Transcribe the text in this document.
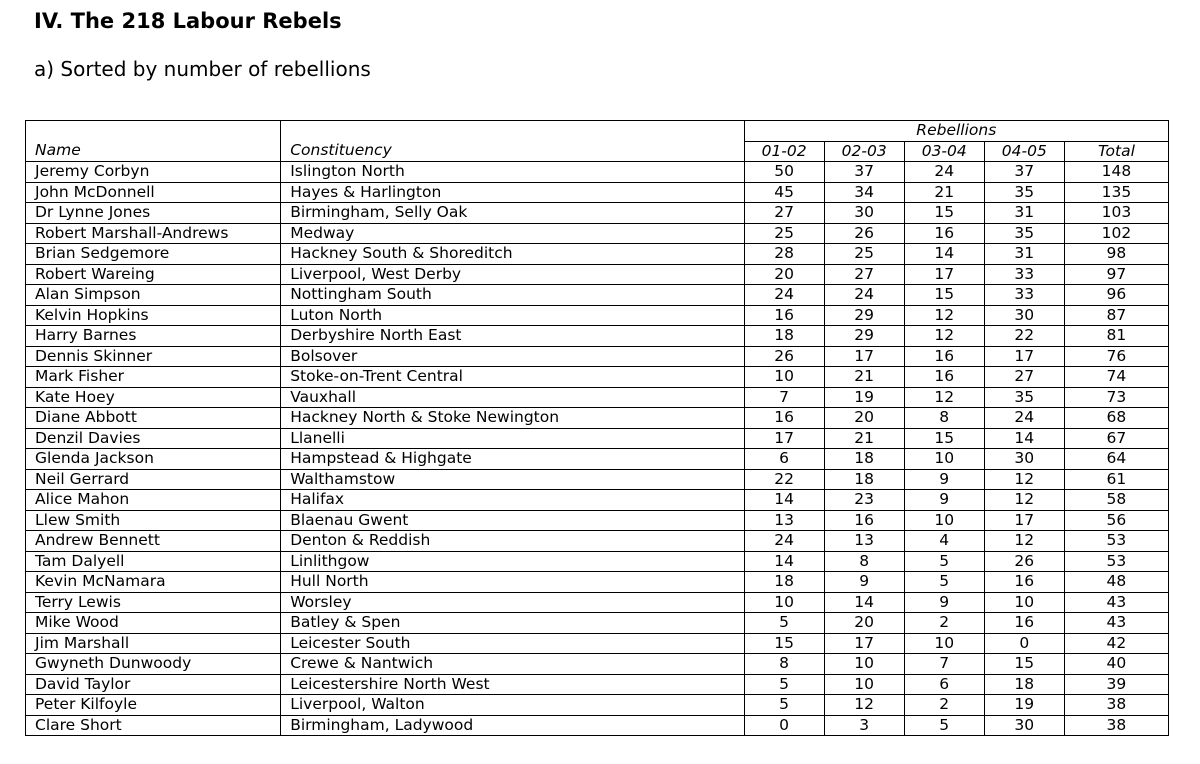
IV. The 218 Labour Rebels
a) Sorted by number of rebellions
		Rebellions				
Name	Constituency	01-02	02-03	03-04	04-05	Total
Jeremy Corbyn	Islington North	50	37	24	37	148
John McDonnell	Hayes & Harlington	45	34	21	35	135
Dr Lynne Jones	Birmingham, Selly Oak	27	30	15	31	103
Robert Marshall-Andrews	Medway	25	26	16	35	102
Brian Sedgemore	Hackney South & Shoreditch	28	25	14	31	98
Robert Wareing	Liverpool, West Derby	20	27	17	33	97
Alan Simpson	Nottingham South	24	24	15	33	96
Kelvin Hopkins	Luton North	16	29	12	30	87
Harry Barnes	Derbyshire North East	18	29	12	22	81
Dennis Skinner	Bolsover	26	17	16	17	76
Mark Fisher	Stoke-on-Trent Central	10	21	16	27	74
Kate Hoey	Vauxhall	7	19	12	35	73
Diane Abbott	Hackney North & Stoke Newington	16	20	8	24	68
Denzil Davies	Llanelli	17	21	15	14	67
Glenda Jackson	Hampstead & Highgate	6	18	10	30	64
Neil Gerrard	Walthamstow	22	18	9	12	61
Alice Mahon	Halifax	14	23	9	12	58
Llew Smith	Blaenau Gwent	13	16	10	17	56
Andrew Bennett	Denton & Reddish	24	13	4	12	53
Tam Dalyell	Linlithgow	14	8	5	26	53
Kevin McNamara	Hull North	18	9	5	16	48
Terry Lewis	Worsley	10	14	9	10	43
Mike Wood	Batley & Spen	5	20	2	16	43
Jim Marshall	Leicester South	15	17	10	0	42
Gwyneth Dunwoody	Crewe & Nantwich	8	10	7	15	40
David Taylor	Leicestershire North West	5	10	6	18	39
Peter Kilfoyle	Liverpool, Walton	5	12	2	19	38
Clare Short	Birmingham, Ladywood	0	3	5	30	38
